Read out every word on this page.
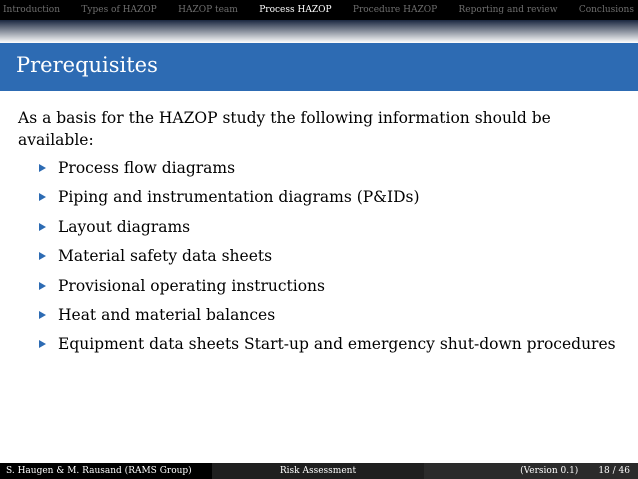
Introduction Types of HAZOP HAZOP team Process HAZOP Procedure HAZOP Reporting and review Conclusions
Prerequisites

As a basis for the HAZOP study the following information should be available:

Process flow diagrams
Piping and instrumentation diagrams (P&IDs)
Layout diagrams
Material safety data sheets
Provisional operating instructions
Heat and material balances
Equipment data sheets Start-up and emergency shut-down procedures
S. Haugen & M. Rausand (RAMS Group)	Risk Assessment	(Version 0.1) 18 / 46
